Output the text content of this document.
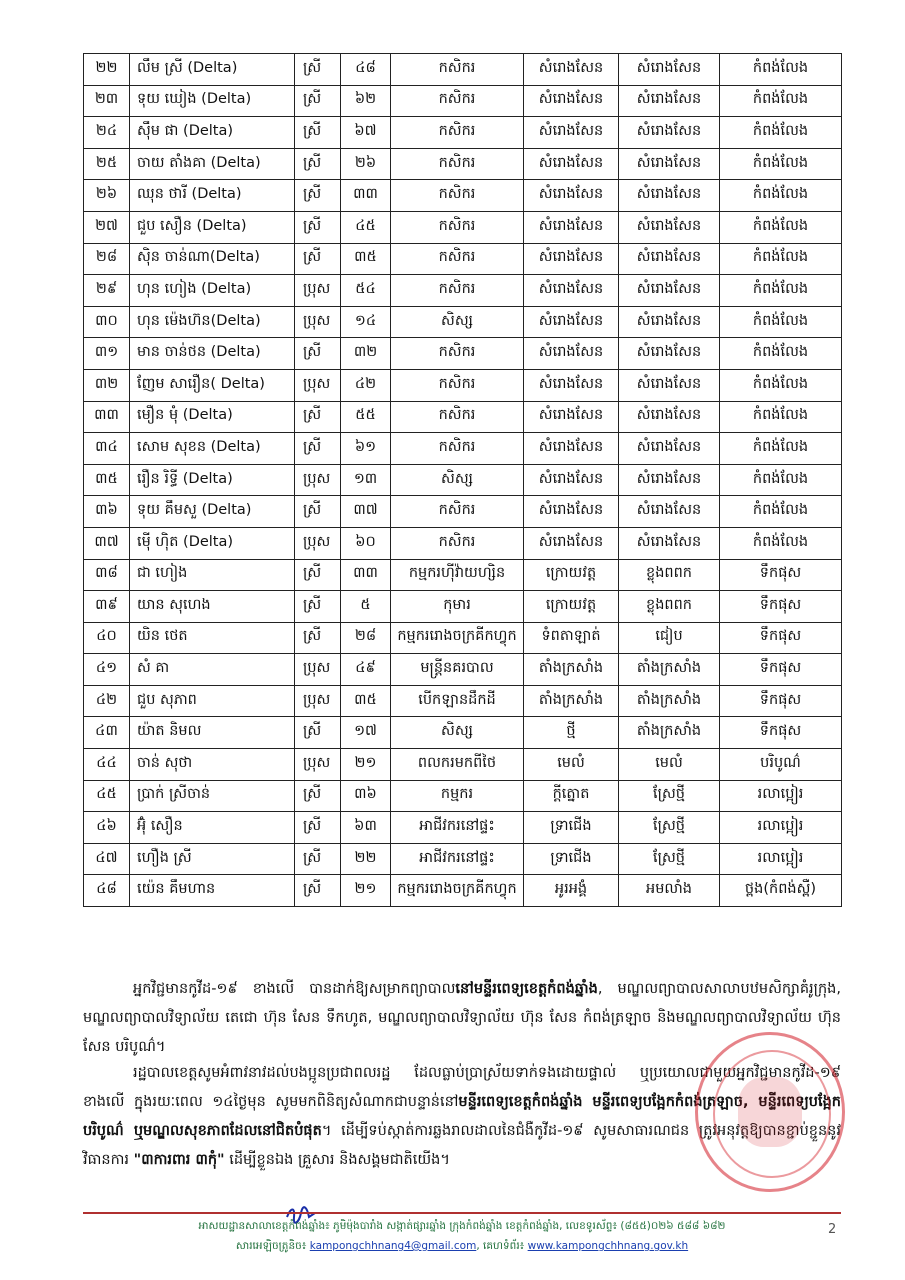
២២	លឹម ស្រី (Delta)	ស្រី	៤៨	កសិករ	សំរោងសែន	សំរោងសែន	កំពង់លែង
២៣	ទុយ ឃៀង (Delta)	ស្រី	៦២	កសិករ	សំរោងសែន	សំរោងសែន	កំពង់លែង
២៤	ស៊ឹម ផា (Delta)	ស្រី	៦៧	កសិករ	សំរោងសែន	សំរោងសែន	កំពង់លែង
២៥	ចាយ តាំងគា (Delta)	ស្រី	២៦	កសិករ	សំរោងសែន	សំរោងសែន	កំពង់លែង
២៦	ឈុន ថារី (Delta)	ស្រី	៣៣	កសិករ	សំរោងសែន	សំរោងសែន	កំពង់លែង
២៧	ជួប សឿន (Delta)	ស្រី	៤៥	កសិករ	សំរោងសែន	សំរោងសែន	កំពង់លែង
២៨	ស៊ិន ចាន់ណា(Delta)	ស្រី	៣៥	កសិករ	សំរោងសែន	សំរោងសែន	កំពង់លែង
២៩	ហុន ហៀង (Delta)	ប្រុស	៥៤	កសិករ	សំរោងសែន	សំរោងសែន	កំពង់លែង
៣០	ហុន ម៉េងហ៊ន(Delta)	ប្រុស	១៤	សិស្ស	សំរោងសែន	សំរោងសែន	កំពង់លែង
៣១	មាន ចាន់ថន (Delta)	ស្រី	៣២	កសិករ	សំរោងសែន	សំរោងសែន	កំពង់លែង
៣២	ញែម សារឿន( Delta)	ប្រុស	៤២	កសិករ	សំរោងសែន	សំរោងសែន	កំពង់លែង
៣៣	មឿន មុំ (Delta)	ស្រី	៥៥	កសិករ	សំរោងសែន	សំរោងសែន	កំពង់លែង
៣៤	សោម សុខន (Delta)	ស្រី	៦១	កសិករ	សំរោងសែន	សំរោងសែន	កំពង់លែង
៣៥	រឿន រិទ្ធី (Delta)	ប្រុស	១៣	សិស្ស	សំរោងសែន	សំរោងសែន	កំពង់លែង
៣៦	ទុយ គឹមសួ (Delta)	ស្រី	៣៧	កសិករ	សំរោងសែន	សំរោងសែន	កំពង់លែង
៣៧	ម៉ើ ហ៊ិត (Delta)	ប្រុស	៦០	កសិករ	សំរោងសែន	សំរោងសែន	កំពង់លែង
៣៨	ជា ហៀង	ស្រី	៣៣	កម្មករហ៊ីវ៉ាយហ្សិន	ក្រោយវត្ត	ខ្លុងពពក	ទឹកផុស
៣៩	យាន សុហេង	ស្រី	៥	កុមារ	ក្រោយវត្ត	ខ្លុងពពក	ទឹកផុស
៤០	យិន ថេត	ស្រី	២៨	កម្មកររោងចក្រគីកហ្វុក	ទំពតាឡាត់	ជៀប	ទឹកផុស
៤១	សំ គា	ប្រុស	៤៩	មន្ត្រីនគរបាល	តាំងក្រសាំង	តាំងក្រសាំង	ទឹកផុស
៤២	ជួប សុភាព	ប្រុស	៣៥	បើកឡានដឹកដី	តាំងក្រសាំង	តាំងក្រសាំង	ទឹកផុស
៤៣	យ៉ាត និមល	ស្រី	១៧	សិស្ស	ថ្មី	តាំងក្រសាំង	ទឹកផុស
៤៤	ចាន់ សុថា	ប្រុស	២១	ពលករមកពីថៃ	មេលំ	មេលំ	បរិបូណ៌
៤៥	ប្រាក់ ស្រីចាន់	ស្រី	៣៦	កម្មករ	ក្តីត្នោត	ស្រែថ្មី	រលាប្អៀរ
៤៦	អ៊ុំ សឿន	ស្រី	៦៣	អាជីវករនៅផ្ទះ	ទ្រាជើង	ស្រែថ្មី	រលាប្អៀរ
៤៧	ហឿង ស្រី	ស្រី	២២	អាជីវករនៅផ្ទះ	ទ្រាជើង	ស្រែថ្មី	រលាប្អៀរ
៤៨	យ៉េន គឹមហាន	ស្រី	២១	កម្មកររោងចក្រគីកហ្វុក	អូរអង្គំ	អមលាំង	ថ្ពង(កំពង់ស្ពឺ)

អ្នកវិជ្ជមានកូវីដ-១៩ ខាងលើ បានដាក់ឱ្យសម្រាកព្យាបាលនៅមន្ទីរពេទ្យខេត្តកំពង់ឆ្នាំង, មណ្ឌលព្យាបាលសាលាបឋមសិក្សាគំរូក្រុង, មណ្ឌលព្យាបាលវិទ្យាល័យ តេជោ ហ៊ុន សែន ទឹកហូត, មណ្ឌលព្យាបាលវិទ្យាល័យ ហ៊ុន សែន កំពង់ត្រឡាច និងមណ្ឌលព្យាបាលវិទ្យាល័យ ហ៊ុន សែន បរិបូណ៌។

រដ្ឋបាលខេត្តសូមអំពាវនាវដល់បងប្អូនប្រជាពលរដ្ឋ ដែលធ្លាប់ប្រាស្រ័យទាក់ទងដោយផ្ទាល់ ឬប្រយោលជាមួយអ្នកវិជ្ជមានកូវីដ-១៩ ខាងលើ ក្នុងរយៈពេល ១៤ថ្ងៃមុន សូមមកពិនិត្យសំណាកជាបន្ទាន់នៅមន្ទីរពេទ្យខេត្តកំពង់ឆ្នាំង មន្ទីរពេទ្យបង្អែកកំពង់ត្រឡាច, មន្ទីរពេទ្យបង្អែកបរិបូណ៌ ឬមណ្ឌលសុខភាពដែលនៅជិតបំផុត។ ដើម្បីទប់ស្កាត់ការឆ្លងរាលដាលនៃជំងឺកូវីដ-១៩ សូមសាធារណជន ត្រូវអនុវត្តឱ្យបានខ្ជាប់ខ្ជួននូវវិធានការ "៣ការពារ ៣កុំ" ដើម្បីខ្លួនឯង គ្រួសារ និងសង្គមជាតិយើង។

អាសយដ្ឋានសាលាខេត្តកំពង់ឆ្នាំង៖ ភូមិម៉ុងបារាំង សង្កាត់ផ្សារឆ្នាំង ក្រុងកំពង់ឆ្នាំង ខេត្តកំពង់ឆ្នាំង, លេខទូរស័ព្ទ៖ (៨៥៥)០២៦ ៥៨៨ ៦៨២
សារអេឡិចត្រូនិច៖ kampongchhnang4@gmail.com, គេហទំព័រ៖ www.kampongchhnang.gov.kh
2
